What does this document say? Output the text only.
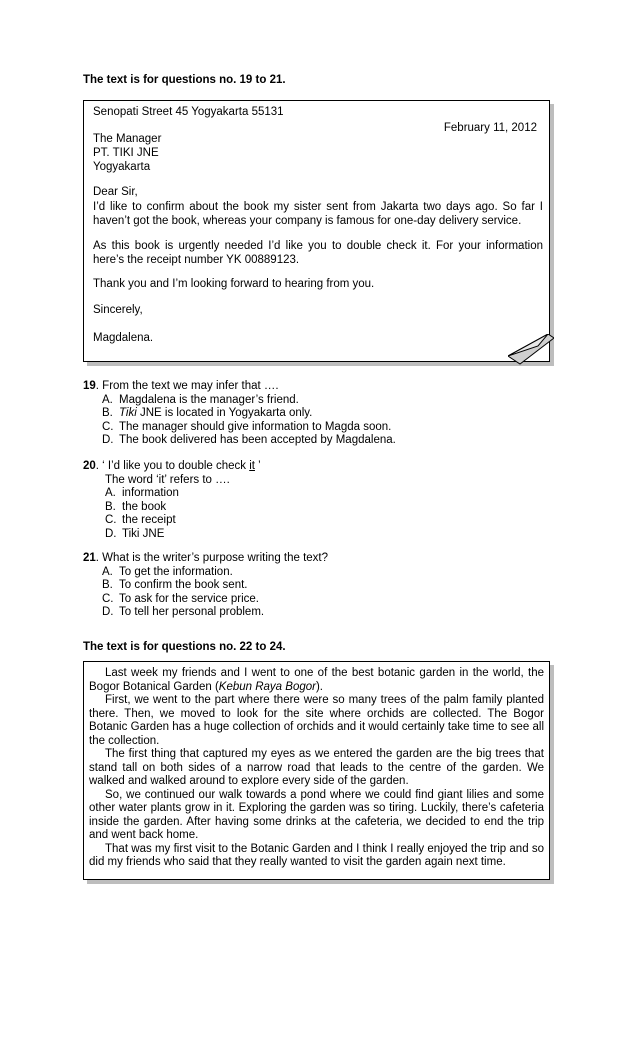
The text is for questions no. 19 to 21.
Senopati Street 45 Yogyakarta 55131
February 11, 2012
The Manager
PT. TIKI JNE
Yogyakarta
Dear Sir,
I’d like to confirm about the book my sister sent from Jakarta two days ago. So far I haven’t got the book, whereas your company is famous for one-day delivery service.
As this book is urgently needed I’d like you to double check it. For your information here’s the receipt number YK 00889123.
Thank you and I’m looking forward to hearing from you.
Sincerely,
Magdalena.
19. From the text we may infer that ….
A. Magdalena is the manager’s friend.
B. Tiki JNE is located in Yogyakarta only.
C. The manager should give information to Magda soon.
D. The book delivered has been accepted by Magdalena.
20. ‘ I’d like you to double check it ’
The word ‘it’ refers to ….
A. information
B. the book
C. the receipt
D. Tiki JNE
21. What is the writer’s purpose writing the text?
A. To get the information.
B. To confirm the book sent.
C. To ask for the service price.
D. To tell her personal problem.
The text is for questions no. 22 to 24.

Last week my friends and I went to one of the best botanic garden in the world, the Bogor Botanical Garden (Kebun Raya Bogor).

First, we went to the part where there were so many trees of the palm family planted there. Then, we moved to look for the site where orchids are collected. The Bogor Botanic Garden has a huge collection of orchids and it would certainly take time to see all the collection.

The first thing that captured my eyes as we entered the garden are the big trees that stand tall on both sides of a narrow road that leads to the centre of the garden. We walked and walked around to explore every side of the garden.

So, we continued our walk towards a pond where we could find giant lilies and some other water plants grow in it. Exploring the garden was so tiring. Luckily, there’s cafeteria inside the garden. After having some drinks at the cafeteria, we decided to end the trip and went back home.

That was my first visit to the Botanic Garden and I think I really enjoyed the trip and so did my friends who said that they really wanted to visit the garden again next time.
